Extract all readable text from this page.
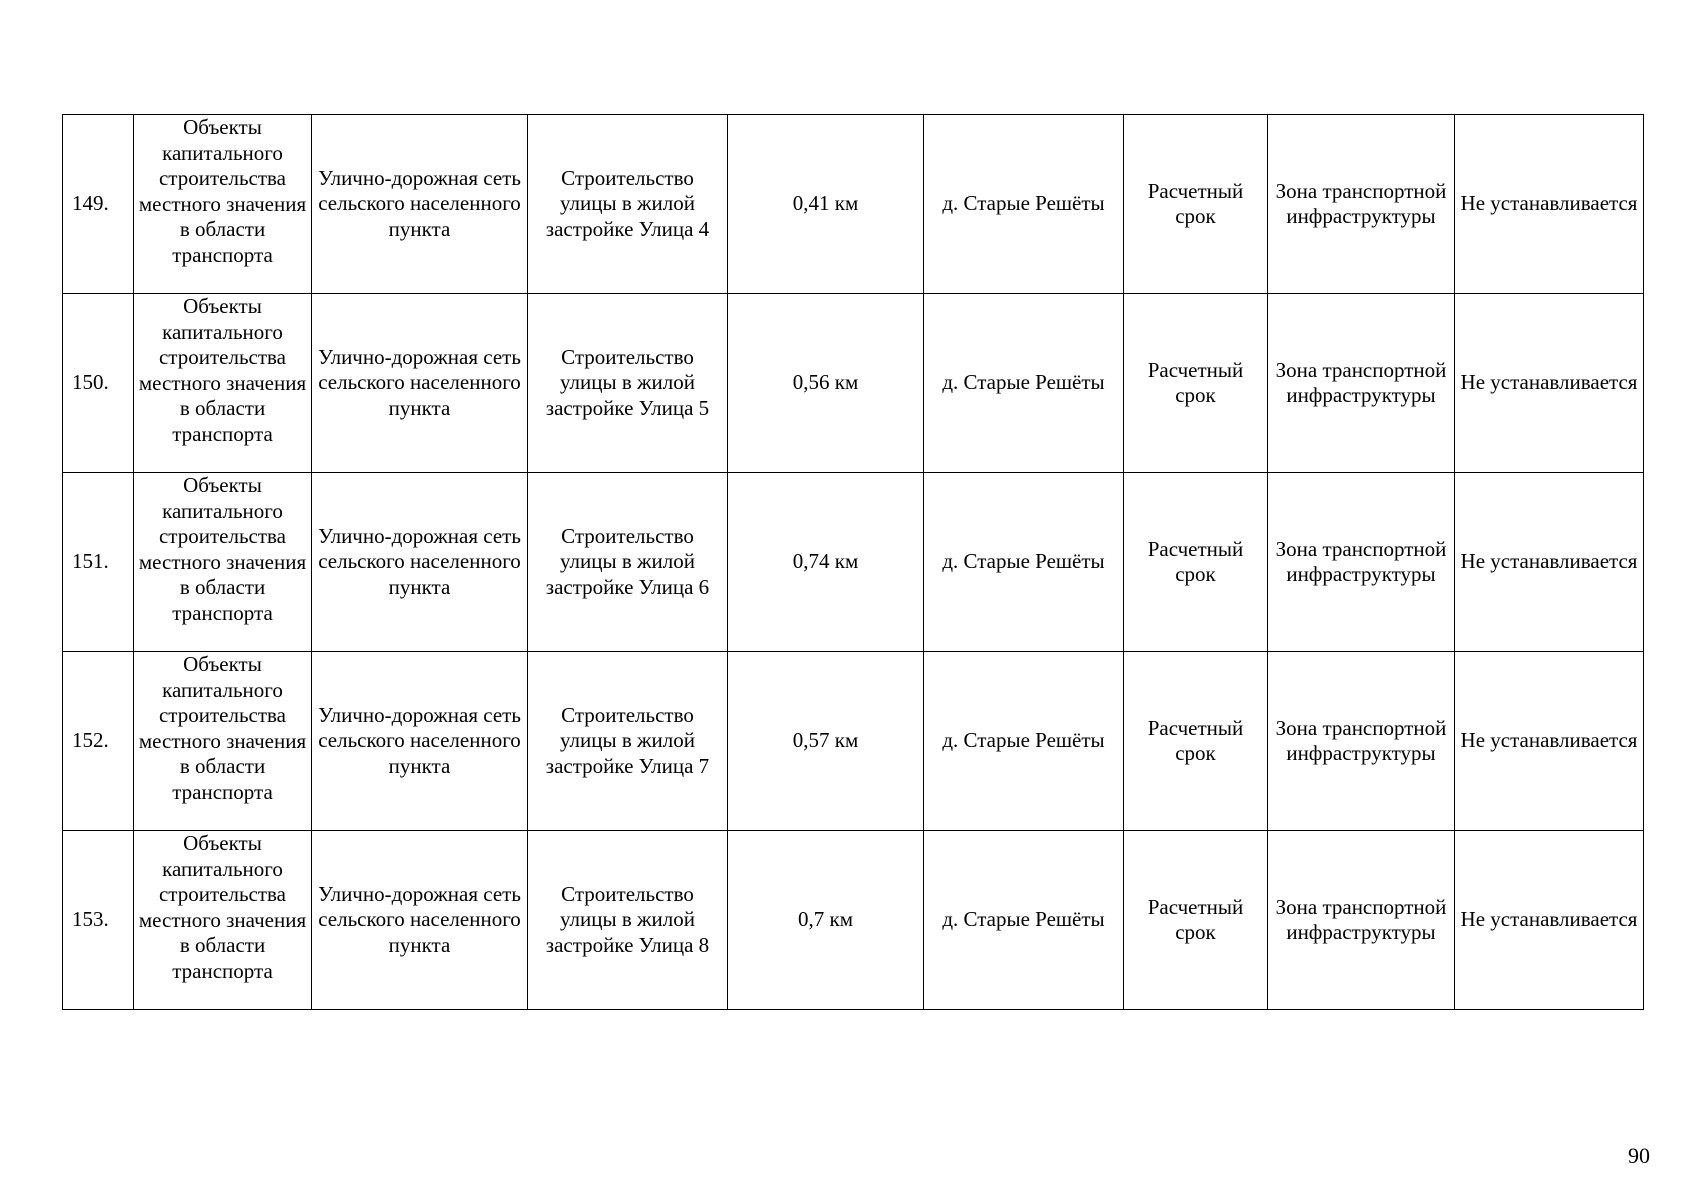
149.	Объекты капитального строительства местного значения в области транспорта	Улично-дорожная сеть сельского населенного пункта	Строительство улицы в жилой застройке Улица 4	0,41 км	д. Старые Решёты	Расчетный срок	Зона транспортной инфраструктуры	Не устанавливается
150.	Объекты капитального строительства местного значения в области транспорта	Улично-дорожная сеть сельского населенного пункта	Строительство улицы в жилой застройке Улица 5	0,56 км	д. Старые Решёты	Расчетный срок	Зона транспортной инфраструктуры	Не устанавливается
151.	Объекты капитального строительства местного значения в области транспорта	Улично-дорожная сеть сельского населенного пункта	Строительство улицы в жилой застройке Улица 6	0,74 км	д. Старые Решёты	Расчетный срок	Зона транспортной инфраструктуры	Не устанавливается
152.	Объекты капитального строительства местного значения в области транспорта	Улично-дорожная сеть сельского населенного пункта	Строительство улицы в жилой застройке Улица 7	0,57 км	д. Старые Решёты	Расчетный срок	Зона транспортной инфраструктуры	Не устанавливается
153.	Объекты капитального строительства местного значения в области транспорта	Улично-дорожная сеть сельского населенного пункта	Строительство улицы в жилой застройке Улица 8	0,7 км	д. Старые Решёты	Расчетный срок	Зона транспортной инфраструктуры	Не устанавливается
90
